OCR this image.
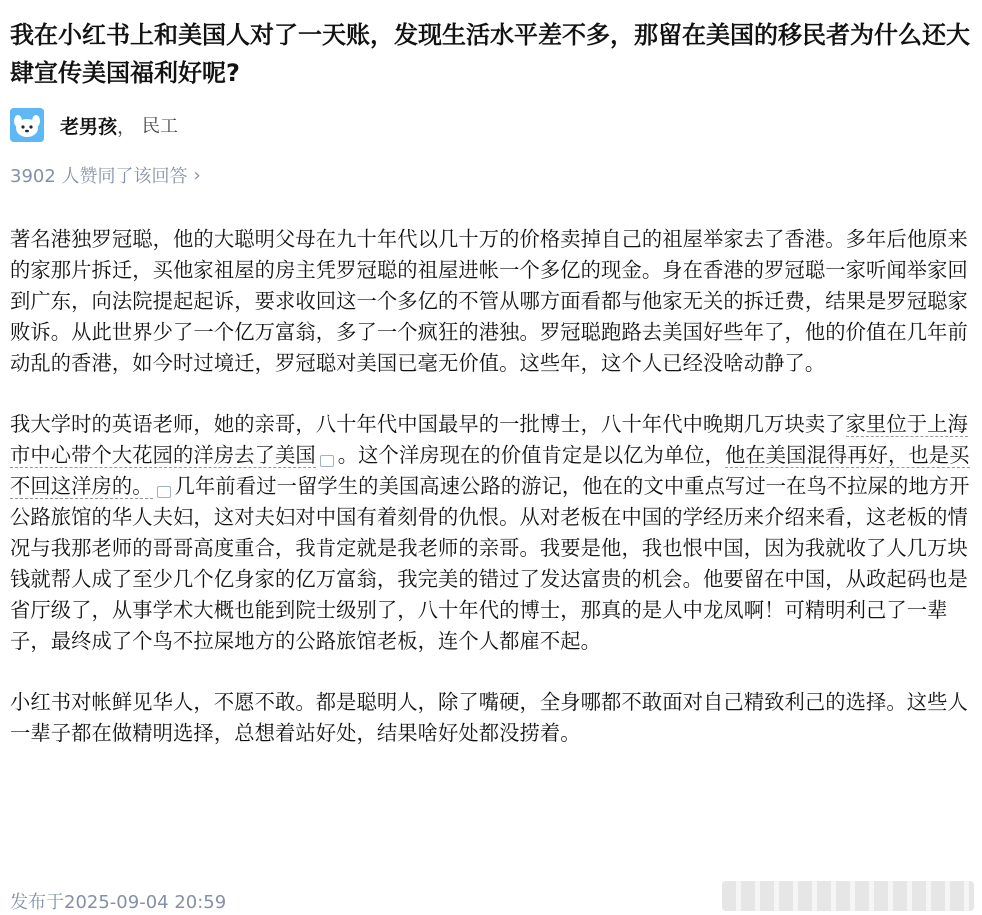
我在小红书上和美国人对了一天账，发现生活水平差不多，那留在美国的移民者为什么还大肆宣传美国福利好呢?
老男孩 ， 民工
3902 人赞同了该回答 ›

著名港独罗冠聪，他的大聪明父母在九十年代以几十万的价格卖掉自己的祖屋举家去了香港。多年后他原来的家那片拆迁，买他家祖屋的房主凭罗冠聪的祖屋进帐一个多亿的现金。身在香港的罗冠聪一家听闻举家回到广东，向法院提起起诉，要求收回这一个多亿的不管从哪方面看都与他家无关的拆迁费，结果是罗冠聪家败诉。从此世界少了一个亿万富翁，多了一个疯狂的港独。罗冠聪跑路去美国好些年了，他的价值在几年前动乱的香港，如今时过境迁，罗冠聪对美国已毫无价值。这些年，这个人已经没啥动静了。

我大学时的英语老师，她的亲哥，八十年代中国最早的一批博士，八十年代中晚期几万块卖了家里位于上海市中心带个大花园的洋房去了美国 。这个洋房现在的价值肯定是以亿为单位，他在美国混得再好，也是买不回这洋房的。 几年前看过一留学生的美国高速公路的游记，他在的文中重点写过一在鸟不拉屎的地方开公路旅馆的华人夫妇，这对夫妇对中国有着刻骨的仇恨。从对老板在中国的学经历来介绍来看，这老板的情况与我那老师的哥哥高度重合，我肯定就是我老师的亲哥。我要是他，我也恨中国，因为我就收了人几万块钱就帮人成了至少几个亿身家的亿万富翁，我完美的错过了发达富贵的机会。他要留在中国，从政起码也是省厅级了，从事学术大概也能到院士级别了，八十年代的博士，那真的是人中龙凤啊！可精明利己了一辈子，最终成了个鸟不拉屎地方的公路旅馆老板，连个人都雇不起。

小红书对帐鲜见华人，不愿不敢。都是聪明人，除了嘴硬，全身哪都不敢面对自己精致利己的选择。这些人一辈子都在做精明选择，总想着站好处，结果啥好处都没捞着。

发布于2025-09-04 20:59
